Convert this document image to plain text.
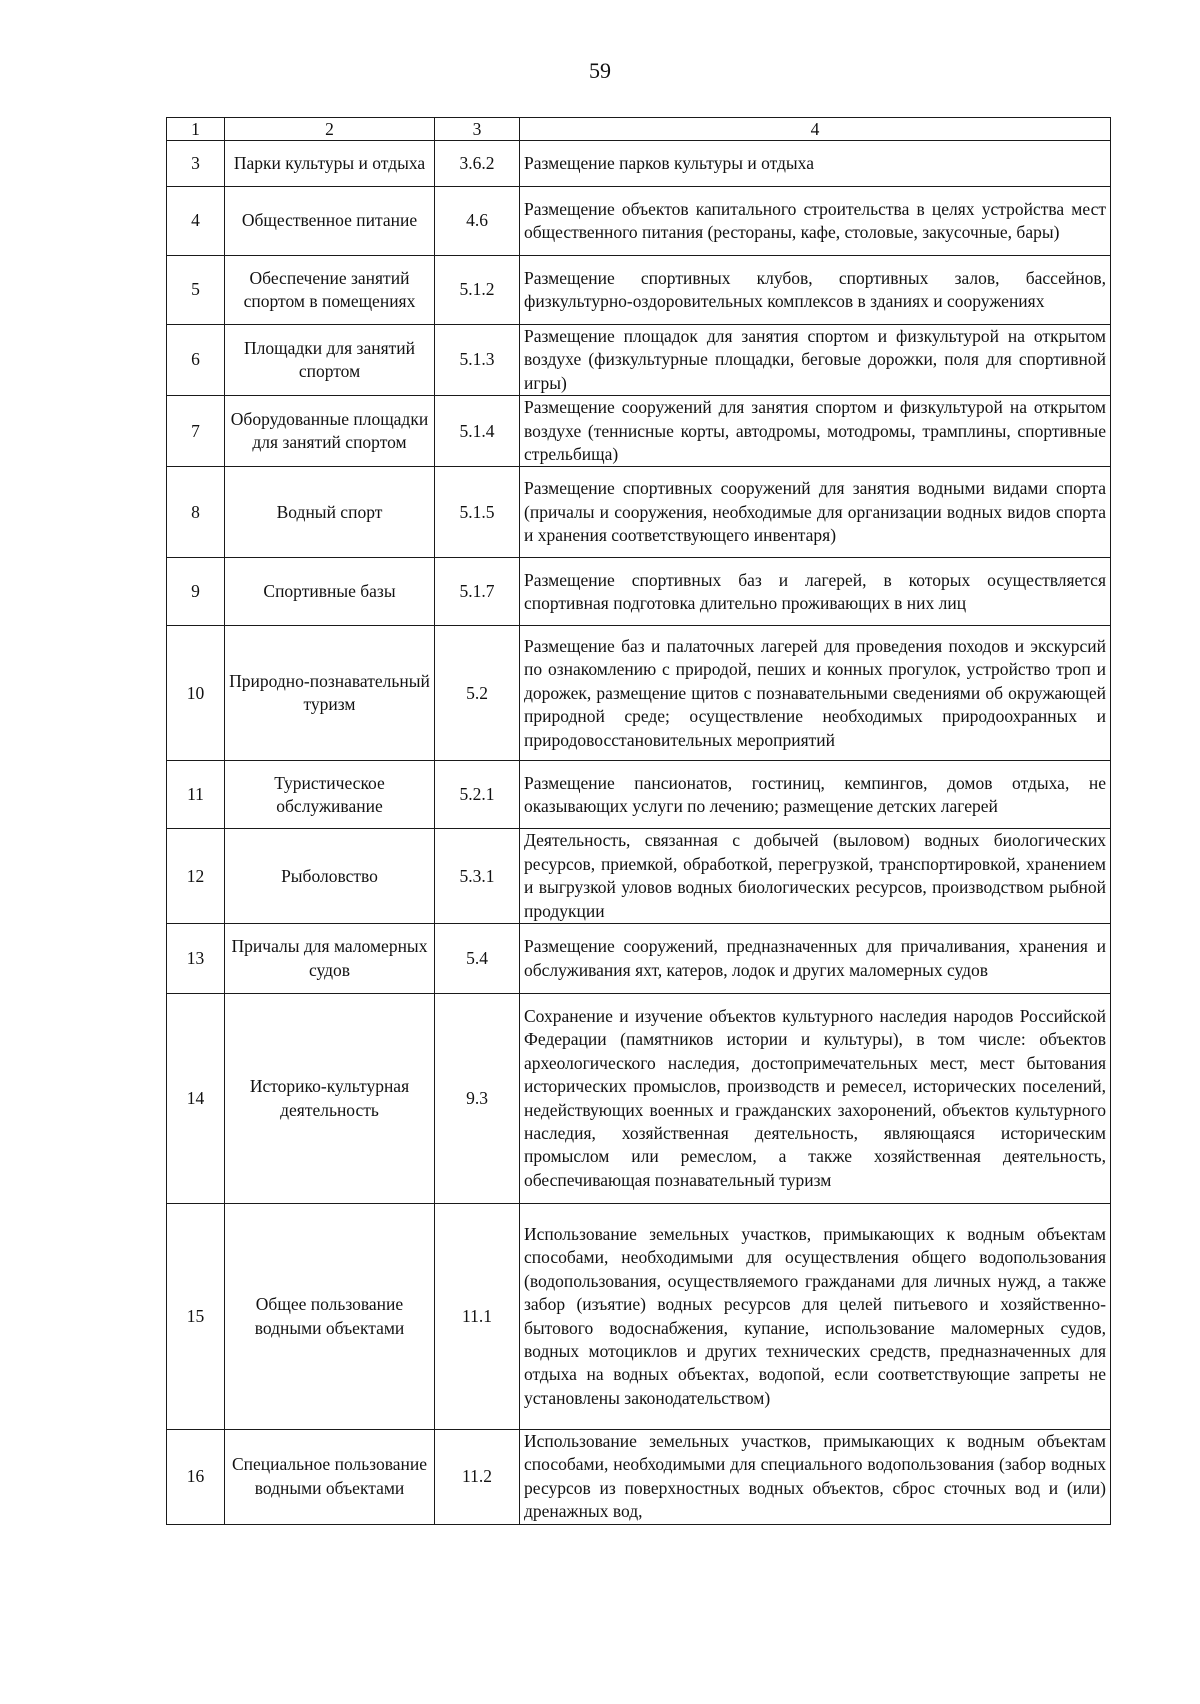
59
1	2	3	4
3	Парки культуры и отдыха	3.6.2	Размещение парков культуры и отдыха
4	Общественное питание	4.6	Размещение объектов капитального строительства в целях устройства мест общественного питания (рестораны, кафе, столовые, закусочные, бары)
5	Обеспечение занятий спортом в помещениях	5.1.2	Размещение спортивных клубов, спортивных залов, бассейнов, физкультурно-оздоровительных комплексов в зданиях и сооружениях
6	Площадки для занятий спортом	5.1.3	Размещение площадок для занятия спортом и физкультурой на открытом воздухе (физкультурные площадки, беговые дорожки, поля для спортивной игры)
7	Оборудованные площадки для занятий спортом	5.1.4	Размещение сооружений для занятия спортом и физкультурой на открытом воздухе (теннисные корты, автодромы, мотодромы, трамплины, спортивные стрельбища)
8	Водный спорт	5.1.5	Размещение спортивных сооружений для занятия водными видами спорта (причалы и сооружения, необходимые для организации водных видов спорта и хранения соответствующего инвентаря)
9	Спортивные базы	5.1.7	Размещение спортивных баз и лагерей, в которых осуществляется спортивная подготовка длительно проживающих в них лиц
10	Природно-познавательный туризм	5.2	Размещение баз и палаточных лагерей для проведения походов и экскурсий по ознакомлению с природой, пеших и конных прогулок, устройство троп и дорожек, размещение щитов с познавательными сведениями об окружающей природной среде; осуществление необходимых природоохранных и природовосстановительных мероприятий
11	Туристическое обслуживание	5.2.1	Размещение пансионатов, гостиниц, кемпингов, домов отдыха, не оказывающих услуги по лечению; размещение детских лагерей
12	Рыболовство	5.3.1	Деятельность, связанная с добычей (выловом) водных биологических ресурсов, приемкой, обработкой, перегрузкой, транспортировкой, хранением и выгрузкой уловов водных биологических ресурсов, производством рыбной продукции
13	Причалы для маломерных судов	5.4	Размещение сооружений, предназначенных для причаливания, хранения и обслуживания яхт, катеров, лодок и других маломерных судов
14	Историко-культурная деятельность	9.3	Сохранение и изучение объектов культурного наследия народов Российской Федерации (памятников истории и культуры), в том числе: объектов археологического наследия, достопримечательных мест, мест бытования исторических промыслов, производств и ремесел, исторических поселений, недействующих военных и гражданских захоронений, объектов культурного наследия, хозяйственная деятельность, являющаяся историческим промыслом или ремеслом, а также хозяйственная деятельность, обеспечивающая познавательный туризм
15	Общее пользование водными объектами	11.1	Использование земельных участков, примыкающих к водным объектам способами, необходимыми для осуществления общего водопользования (водопользования, осуществляемого гражданами для личных нужд, а также забор (изъятие) водных ресурсов для целей питьевого и хозяйственно-бытового водоснабжения, купание, использование маломерных судов, водных мотоциклов и других технических средств, предназначенных для отдыха на водных объектах, водопой, если соответствующие запреты не установлены законодательством)
16	Специальное пользование водными объектами	11.2	Использование земельных участков, примыкающих к водным объектам способами, необходимыми для специального водопользования (забор водных ресурсов из поверхностных водных объектов, сброс сточных вод и (или) дренажных вод,
